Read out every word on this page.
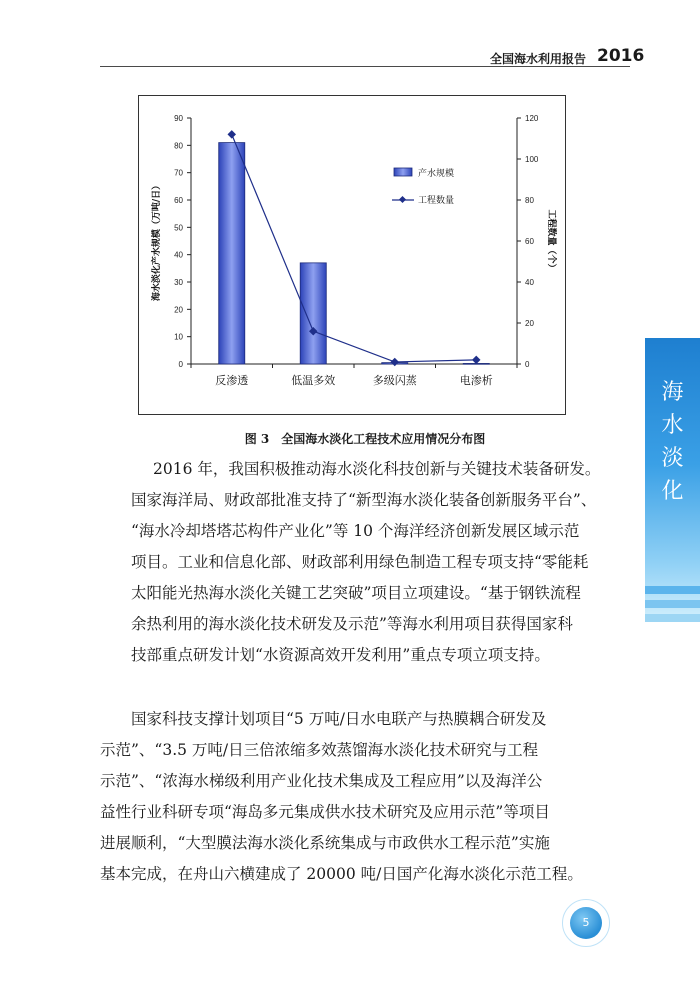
全国海水利用报告 2016
海
水
淡
化
0
10
20
30
40
50
60
70
80
90
0
20
40
60
80
100
120
反渗透	低温多效	多级闪蒸	电渗析
海水淡化产水规模（万吨/日）	工程数量（个）
产水规模
工程数量
图 3　全国海水淡化工程技术应用情况分布图
2016 年，我国积极推动海水淡化科技创新与关键技术装备研发。
国家海洋局、财政部批准支持了“新型海水淡化装备创新服务平台”、
“海水冷却塔塔芯构件产业化”等 10 个海洋经济创新发展区域示范
项目。工业和信息化部、财政部利用绿色制造工程专项支持“零能耗
太阳能光热海水淡化关键工艺突破”项目立项建设。“基于钢铁流程
余热利用的海水淡化技术研发及示范”等海水利用项目获得国家科
技部重点研发计划“水资源高效开发利用”重点专项立项支持。
国家科技支撑计划项目“5 万吨/日水电联产与热膜耦合研发及
示范”、“3.5 万吨/日三倍浓缩多效蒸馏海水淡化技术研究与工程
示范”、“浓海水梯级利用产业化技术集成及工程应用”以及海洋公
益性行业科研专项“海岛多元集成供水技术研究及应用示范”等项目
进展顺利，“大型膜法海水淡化系统集成与市政供水工程示范”实施
基本完成，在舟山六横建成了 20000 吨/日国产化海水淡化示范工程。
5
